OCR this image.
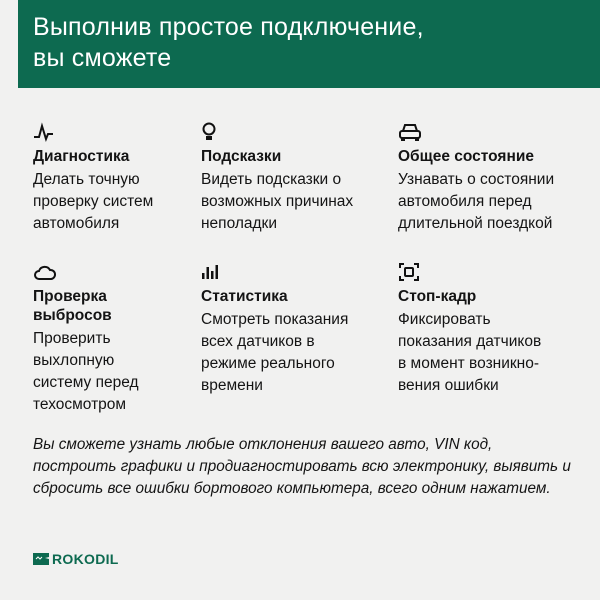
Выполнив простое подключение, вы сможете
Диагностика
Делать точную проверку систем автомобиля
Подсказки
Видеть подсказки о возможных причинах неполадки
Общее состояние
Узнавать о состоянии автомобиля перед длительной поездкой
Проверка выбросов
Проверить выхлопную систему перед техосмотром
Статистика
Смотреть показания всех датчиков в режиме реального времени
Стоп-кадр
Фиксировать показания датчиков в момент возникно-вения ошибки
Вы сможете узнать любые отклонения вашего авто, VIN код, построить графики и продиагностировать всю электронику, выявить и сбросить все ошибки бортового компьютера, всего одним нажатием.
ROKODIL
